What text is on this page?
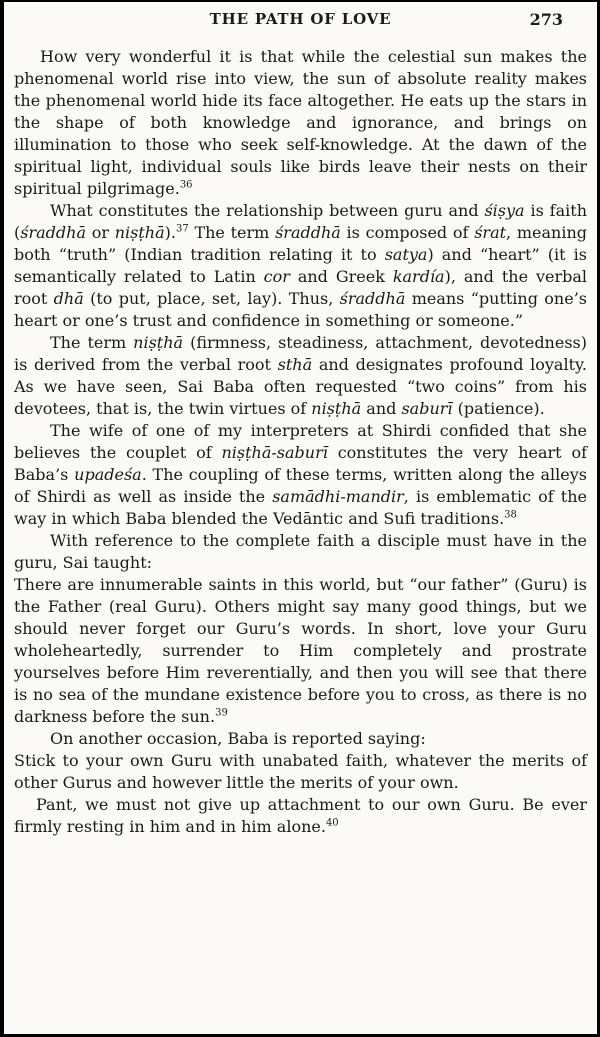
THE PATH OF LOVE	273

How very wonderful it is that while the celestial sun makes the phenomenal world rise into view, the sun of absolute reality makes the phenomenal world hide its face altogether. He eats up the stars in the shape of both knowledge and ignorance, and brings on illumination to those who seek self-knowledge. At the dawn of the spiritual light, individual souls like birds leave their nests on their spiritual pilgrimage.$^{36}$

What constitutes the relationship between guru and śiṣya is faith (śraddhā or niṣṭhā).$^{37}$ The term śraddhā is composed of śrat, meaning both “truth” (Indian tradition relating it to satya) and “heart” (it is semantically related to Latin cor and Greek kardía), and the verbal root dhā (to put, place, set, lay). Thus, śraddhā means “putting one’s heart or one’s trust and confidence in something or someone.”

The term niṣṭhā (firmness, steadiness, attachment, devotedness) is derived from the verbal root sthā and designates profound loyalty. As we have seen, Sai Baba often requested “two coins” from his devotees, that is, the twin virtues of niṣṭhā and saburī (patience).

The wife of one of my interpreters at Shirdi confided that she believes the couplet of niṣṭhā-saburī constitutes the very heart of Baba’s upadeśa. The coupling of these terms, written along the alleys of Shirdi as well as inside the samādhi-mandir, is emblematic of the way in which Baba blended the Vedāntic and Sufi traditions.$^{38}$

With reference to the complete faith a disciple must have in the guru, Sai taught:

There are innumerable saints in this world, but “our father” (Guru) is the Father (real Guru). Others might say many good things, but we should never forget our Guru’s words. In short, love your Guru wholeheartedly, surrender to Him completely and prostrate yourselves before Him reverentially, and then you will see that there is no sea of the mundane existence before you to cross, as there is no darkness before the sun.$^{39}$

On another occasion, Baba is reported saying:

Stick to your own Guru with unabated faith, whatever the merits of other Gurus and however little the merits of your own.

Pant, we must not give up attachment to our own Guru. Be ever firmly resting in him and in him alone.$^{40}$
